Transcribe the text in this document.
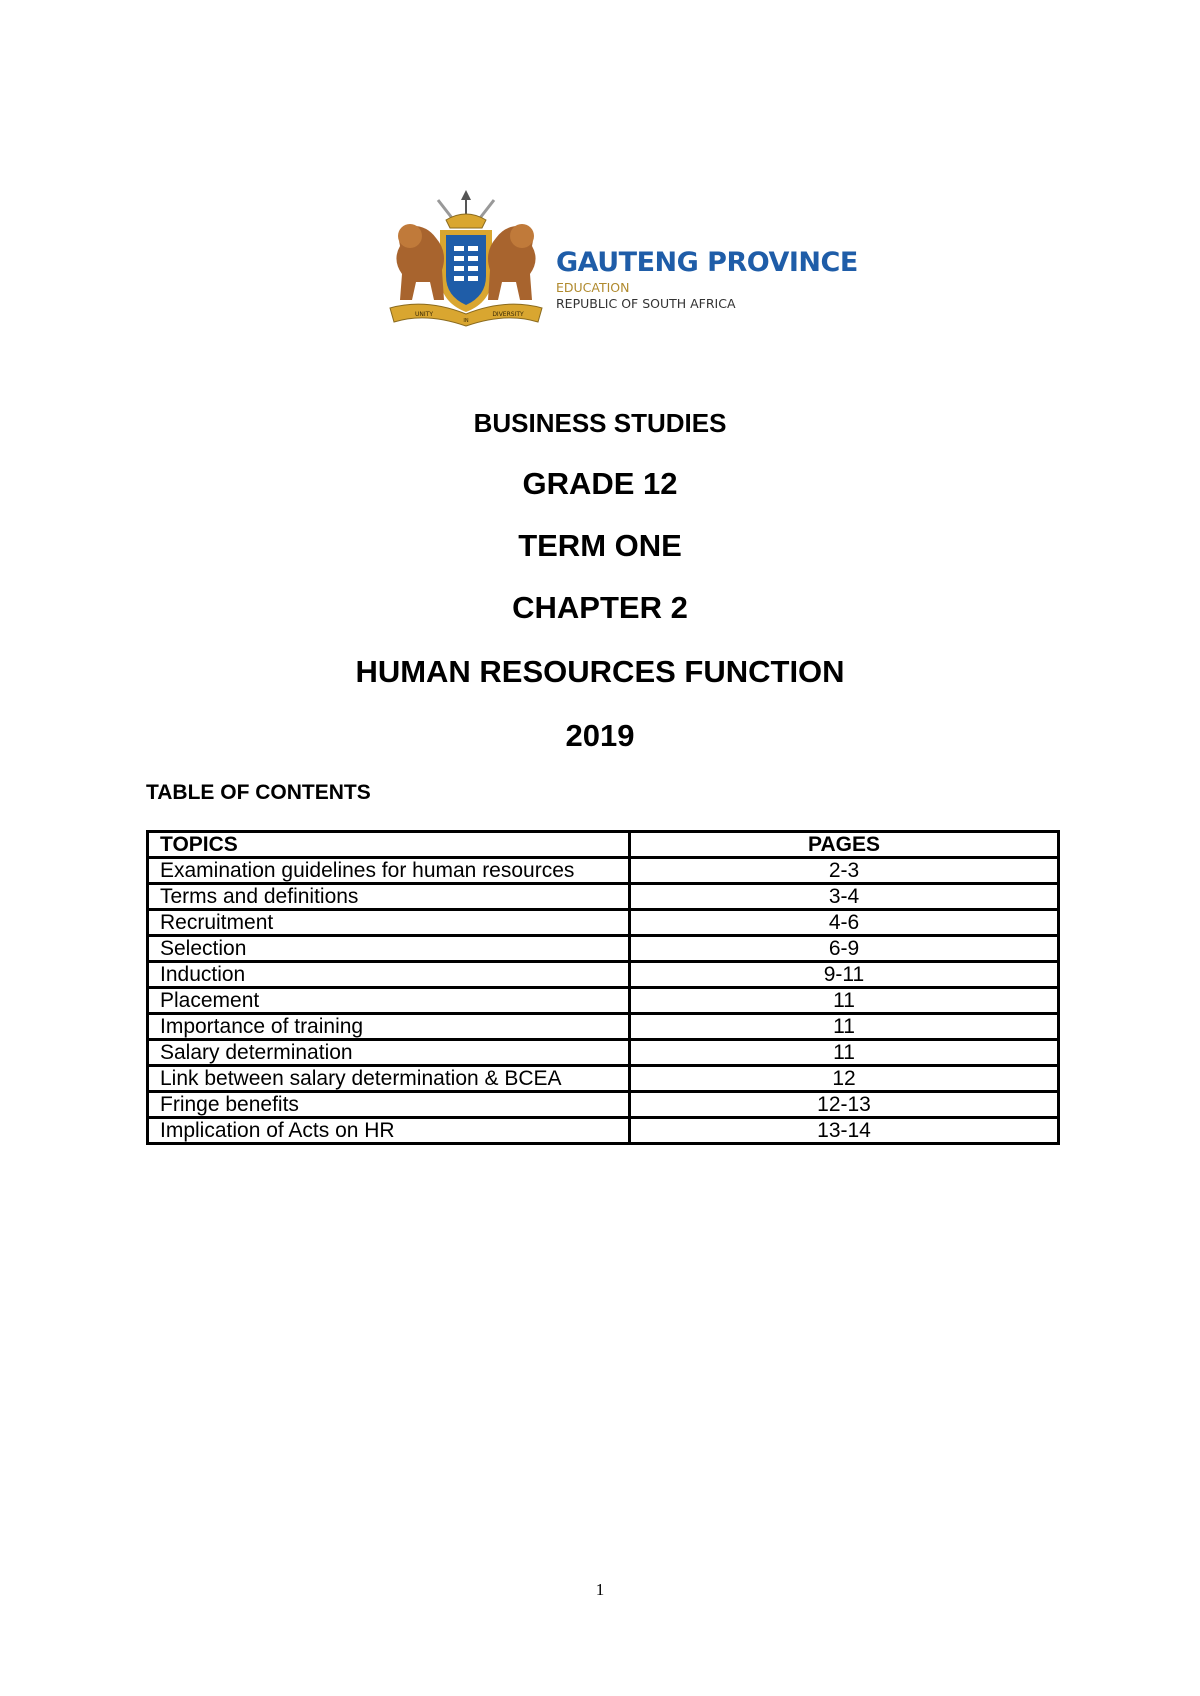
UNITY
IN
DIVERSITY
GAUTENG PROVINCE
EDUCATION
REPUBLIC OF SOUTH AFRICA
BUSINESS STUDIES
GRADE 12
TERM ONE
CHAPTER 2
HUMAN RESOURCES FUNCTION
2019
TABLE OF CONTENTS
TOPICS	PAGES
Examination guidelines for human resources	2-3
Terms and definitions	3-4
Recruitment	4-6
Selection	6-9
Induction	9-11
Placement	11
Importance of training	11
Salary determination	11
Link between salary determination & BCEA	12
Fringe benefits	12-13
Implication of Acts on HR	13-14
1
